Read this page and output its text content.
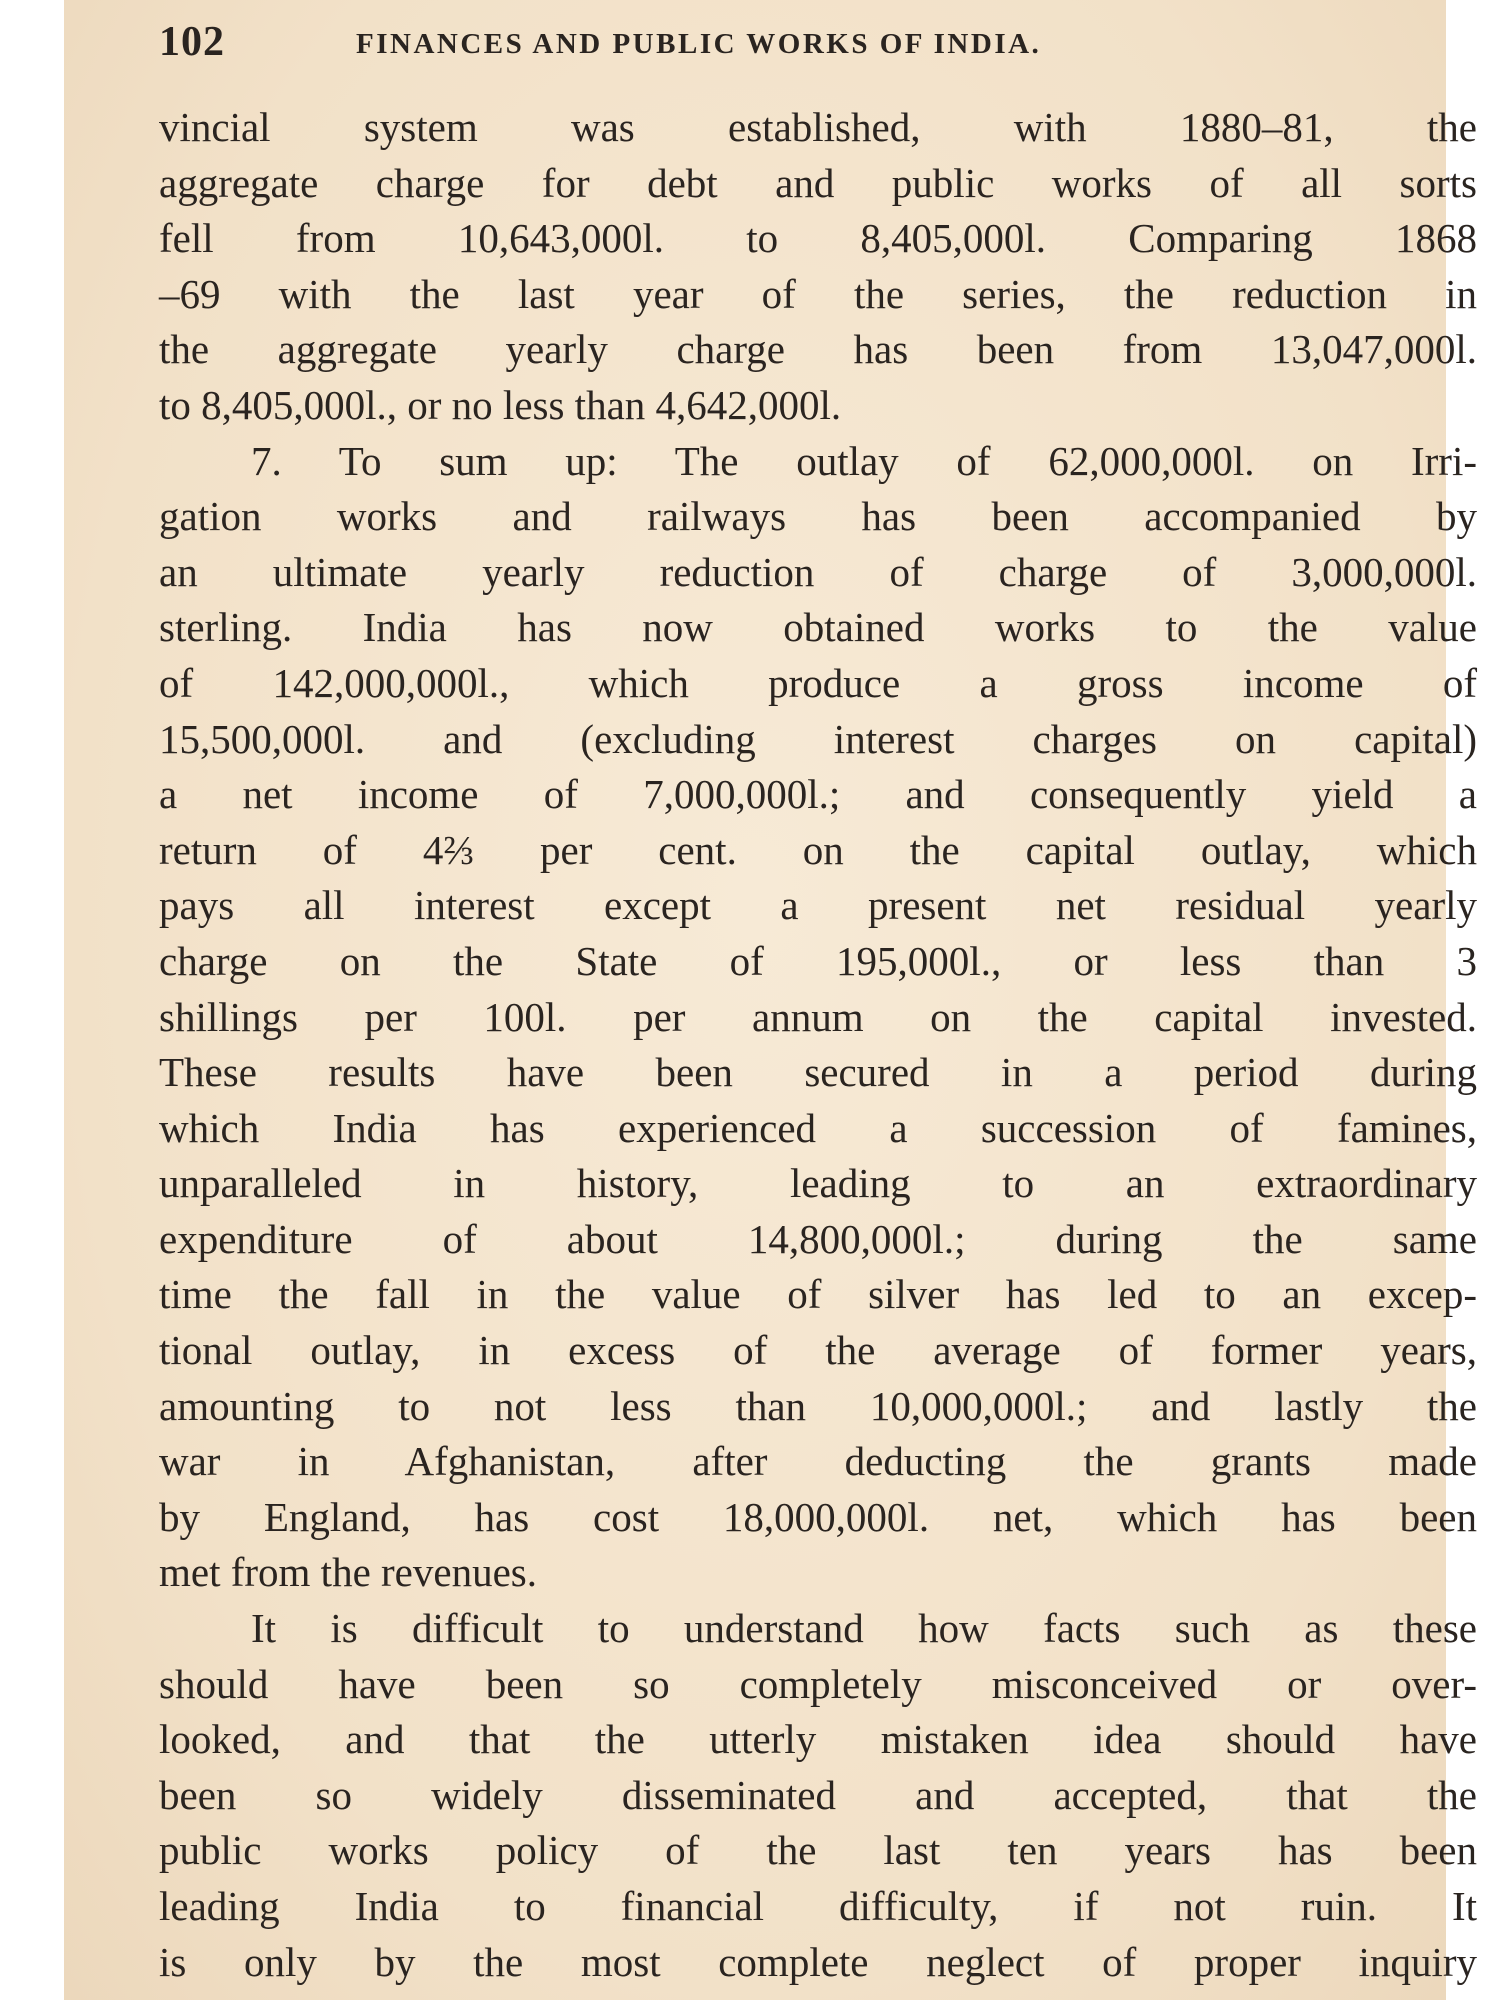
102	FINANCES AND PUBLIC WORKS OF INDIA.
vincial system was established, with 1880–81, the
aggregate charge for debt and public works of all sorts
fell from 10,643,000l. to 8,405,000l. Comparing 1868
–69 with the last year of the series, the reduction in
the aggregate yearly charge has been from 13,047,000l.
to 8,405,000l., or no less than 4,642,000l.
7. To sum up: The outlay of 62,000,000l. on Irri-
gation works and railways has been accompanied by
an ultimate yearly reduction of charge of 3,000,000l.
sterling. India has now obtained works to the value
of 142,000,000l., which produce a gross income of
15,500,000l. and (excluding interest charges on capital)
a net income of 7,000,000l.; and consequently yield a
return of 4⅔ per cent. on the capital outlay, which
pays all interest except a present net residual yearly
charge on the State of 195,000l., or less than 3
shillings per 100l. per annum on the capital invested.
These results have been secured in a period during
which India has experienced a succession of famines,
unparalleled in history, leading to an extraordinary
expenditure of about 14,800,000l.; during the same
time the fall in the value of silver has led to an excep-
tional outlay, in excess of the average of former years,
amounting to not less than 10,000,000l.; and lastly the
war in Afghanistan, after deducting the grants made
by England, has cost 18,000,000l. net, which has been
met from the revenues.
It is difficult to understand how facts such as these
should have been so completely misconceived or over-
looked, and that the utterly mistaken idea should have
been so widely disseminated and accepted, that the
public works policy of the last ten years has been
leading India to financial difficulty, if not ruin. It
is only by the most complete neglect of proper inquiry
